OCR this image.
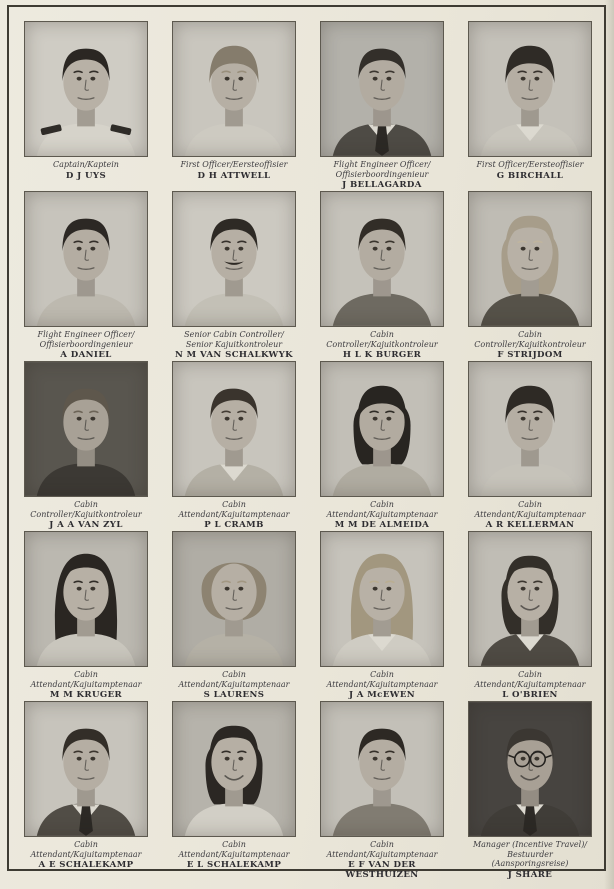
Captain/Kaptein
D J UYS
First Officer/Eersteoffisier
D H ATTWELL
Flight Engineer Officer/
Offisierboordingenieur
J BELLAGARDA
First Officer/Eersteoffisier
G BIRCHALL
Flight Engineer Officer/
Offisierboordingenieur
A DANIEL
Senior Cabin Controller/
Senior Kajuitkontroleur
N M VAN SCHALKWYK
Cabin Controller/Kajuitkontroleur
H L K BURGER
Cabin Controller/Kajuitkontroleur
F STRIJDOM
Cabin Controller/Kajuitkontroleur
J A A VAN ZYL
Cabin Attendant/Kajuitamptenaar
P L CRAMB
Cabin Attendant/Kajuitamptenaar
M M DE ALMEIDA
Cabin Attendant/Kajuitamptenaar
A R KELLERMAN
Cabin Attendant/Kajuitamptenaar
M M KRUGER
Cabin Attendant/Kajuitamptenaar
S LAURENS
Cabin Attendant/Kajuitamptenaar
J A McEWEN
Cabin Attendant/Kajuitamptenaar
L O'BRIEN
Cabin Attendant/Kajuitamptenaar
A E SCHALEKAMP
Cabin Attendant/Kajuitamptenaar
E L SCHALEKAMP
Cabin Attendant/Kajuitamptenaar
E F VAN DER WESTHUIZEN
Manager (Incentive Travel)/
Bestuurder (Aansporingsreise)
J SHARE
